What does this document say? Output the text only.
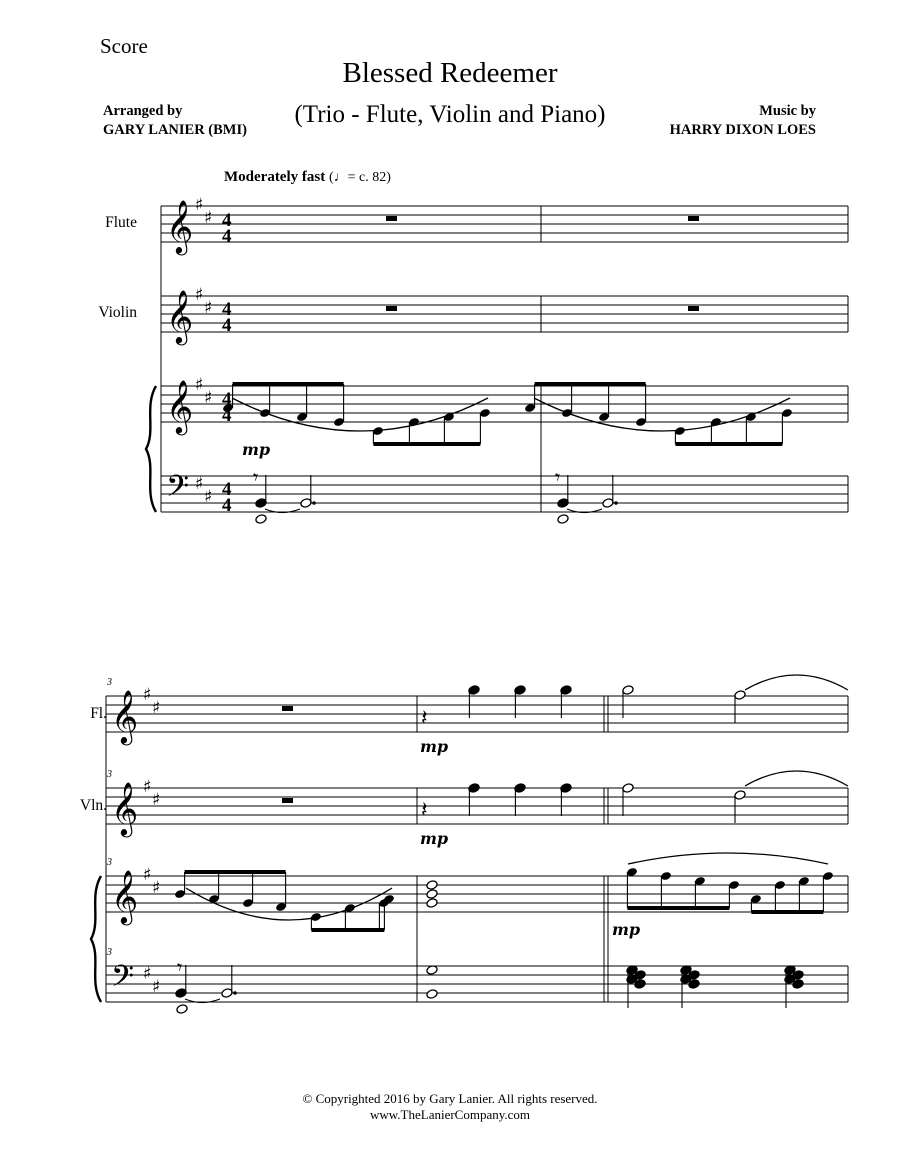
Score
Blessed Redeemer
(Trio - Flute, Violin and Piano)
Arranged by
GARY LANIER (BMI)
Music by
HARRY DIXON LOES
Moderately fast (♩= c. 82)
Flute
Violin
Fl.
Vln.
𝄞 ♯
♯
𝄞 ♯
♯
𝄞 ♯
♯
𝄢 ♯
♯
𝄾	𝄾
𝄞 ♯
♯
𝄞 ♯
♯
𝄞 ♯
♯
𝄢 ♯
♯
𝄽
𝄽
𝄾
mp
mp
mp
mp
3
3
3
3
4
4
4
4
4
4
4
4
© Copyrighted 2016 by Gary Lanier. All rights reserved.
www.TheLanierCompany.com
